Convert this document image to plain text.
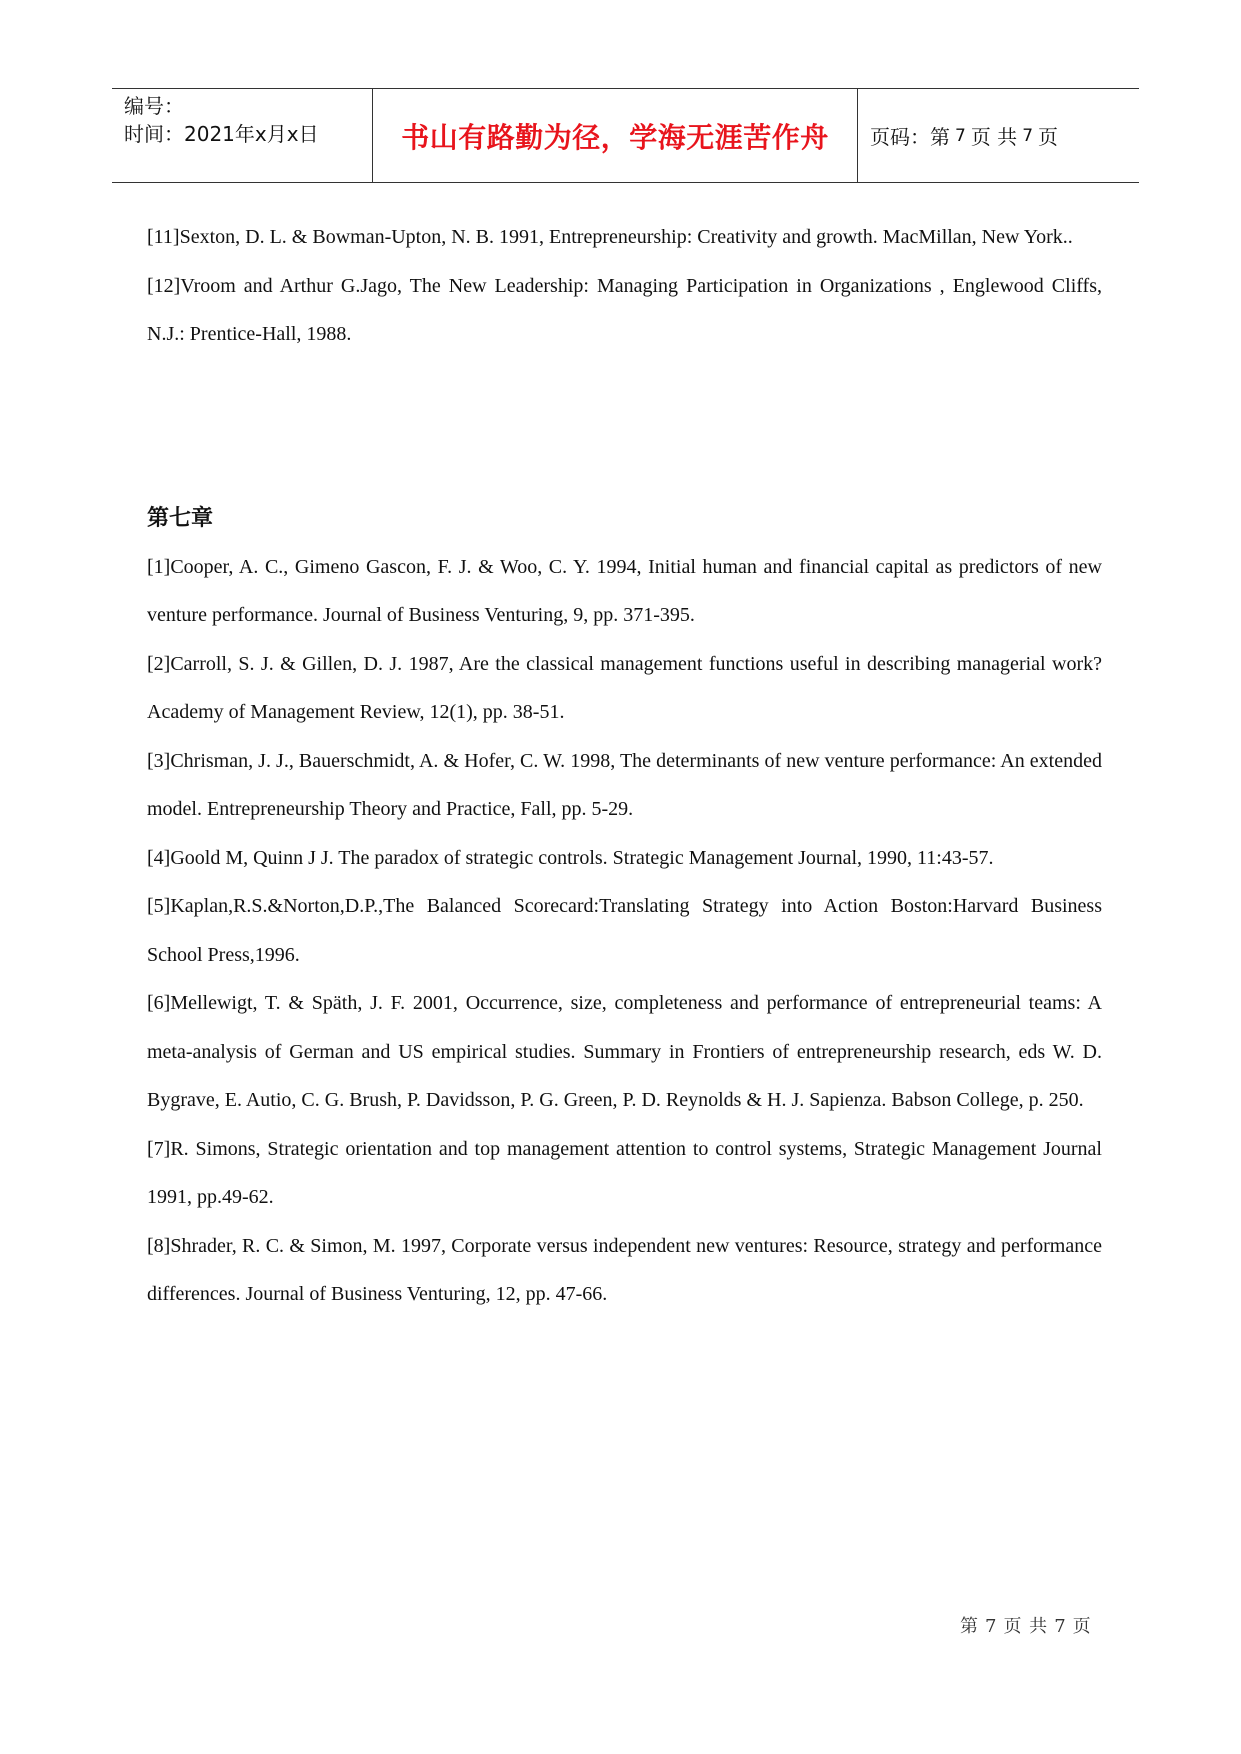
编号：
时间：2021年x月x日	书山有路勤为径，学海无涯苦作舟 页码：第 7 页 共 7 页

[11]Sexton, D. L. & Bowman-Upton, N. B. 1991, Entrepreneurship: Creativity and growth. MacMillan, New York..

[12]Vroom and Arthur G.Jago, The New Leadership: Managing Participation in Organizations , Englewood Cliffs, N.J.: Prentice-Hall, 1988.

第七章

[1]Cooper, A. C., Gimeno Gascon, F. J. & Woo, C. Y. 1994, Initial human and financial capital as predictors of new venture performance. Journal of Business Venturing, 9, pp. 371-395.

[2]Carroll, S. J. & Gillen, D. J. 1987, Are the classical management functions useful in describing managerial work? Academy of Management Review, 12(1), pp. 38-51.

[3]Chrisman, J. J., Bauerschmidt, A. & Hofer, C. W. 1998, The determinants of new venture performance: An extended model. Entrepreneurship Theory and Practice, Fall, pp. 5-29.

[4]Goold M, Quinn J J. The paradox of strategic controls. Strategic Management Journal, 1990, 11:43-57.

[5]Kaplan,R.S.&Norton,D.P.,The Balanced Scorecard:Translating Strategy into Action Boston:Harvard Business School Press,1996.

[6]Mellewigt, T. & Späth, J. F. 2001, Occurrence, size, completeness and performance of entrepreneurial teams: A meta-analysis of German and US empirical studies. Summary in Frontiers of entrepreneurship research, eds W. D. Bygrave, E. Autio, C. G. Brush, P. Davidsson, P. G. Green, P. D. Reynolds & H. J. Sapienza. Babson College, p. 250.

[7]R. Simons, Strategic orientation and top management attention to control systems, Strategic Management Journal 1991, pp.49-62.

[8]Shrader, R. C. & Simon, M. 1997, Corporate versus independent new ventures: Resource, strategy and performance differences. Journal of Business Venturing, 12, pp. 47-66.

第 7 页 共 7 页
